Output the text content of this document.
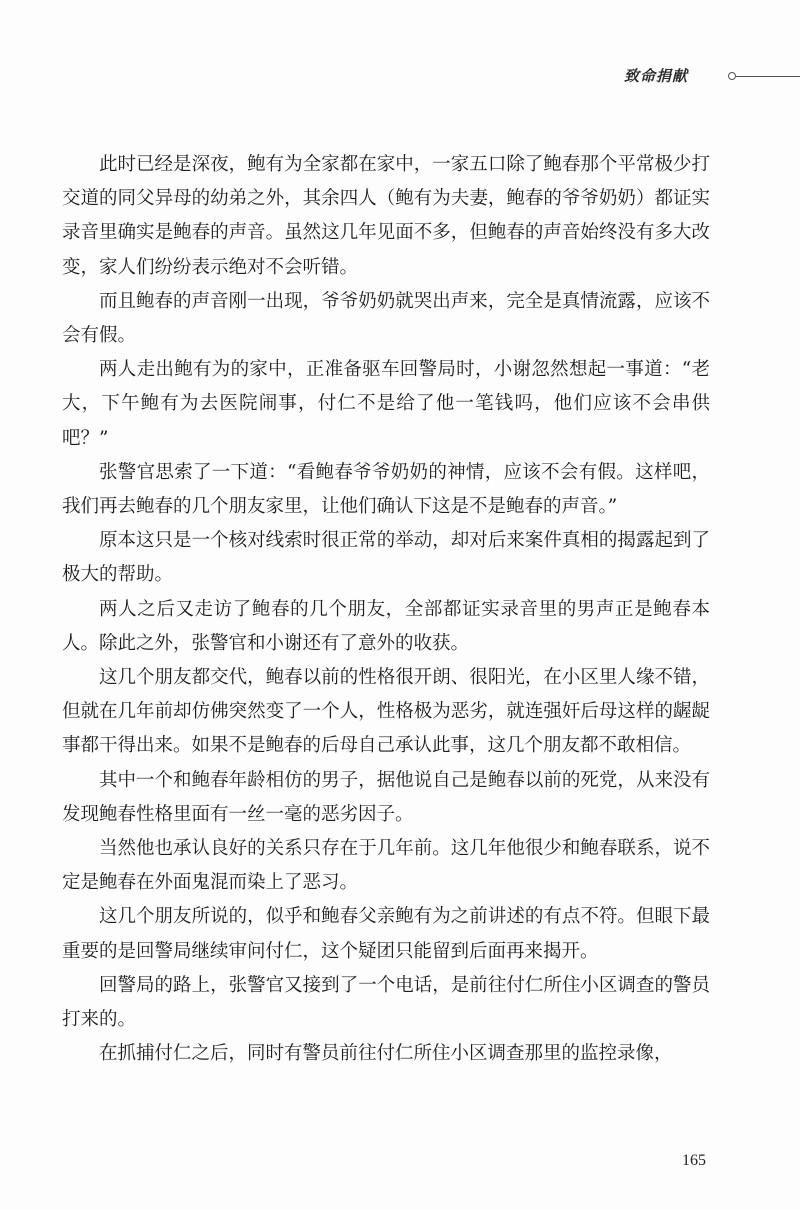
致命捐献

此时已经是深夜，鲍有为全家都在家中，一家五口除了鲍春那个平常极少打交道的同父异母的幼弟之外，其余四人（鲍有为夫妻，鲍春的爷爷奶奶）都证实录音里确实是鲍春的声音。虽然这几年见面不多，但鲍春的声音始终没有多大改变，家人们纷纷表示绝对不会听错。

而且鲍春的声音刚一出现，爷爷奶奶就哭出声来，完全是真情流露，应该不会有假。

两人走出鲍有为的家中，正准备驱车回警局时，小谢忽然想起一事道：“老大，下午鲍有为去医院闹事，付仁不是给了他一笔钱吗，他们应该不会串供吧？”

张警官思索了一下道：“看鲍春爷爷奶奶的神情，应该不会有假。这样吧，我们再去鲍春的几个朋友家里，让他们确认下这是不是鲍春的声音。”

原本这只是一个核对线索时很正常的举动，却对后来案件真相的揭露起到了极大的帮助。

两人之后又走访了鲍春的几个朋友，全部都证实录音里的男声正是鲍春本人。除此之外，张警官和小谢还有了意外的收获。

这几个朋友都交代，鲍春以前的性格很开朗、很阳光，在小区里人缘不错，但就在几年前却仿佛突然变了一个人，性格极为恶劣，就连强奸后母这样的龌龊事都干得出来。如果不是鲍春的后母自己承认此事，这几个朋友都不敢相信。

其中一个和鲍春年龄相仿的男子，据他说自己是鲍春以前的死党，从来没有发现鲍春性格里面有一丝一毫的恶劣因子。

当然他也承认良好的关系只存在于几年前。这几年他很少和鲍春联系，说不定是鲍春在外面鬼混而染上了恶习。

这几个朋友所说的，似乎和鲍春父亲鲍有为之前讲述的有点不符。但眼下最重要的是回警局继续审问付仁，这个疑团只能留到后面再来揭开。

回警局的路上，张警官又接到了一个电话，是前往付仁所住小区调查的警员打来的。

在抓捕付仁之后，同时有警员前往付仁所住小区调查那里的监控录像，

165
